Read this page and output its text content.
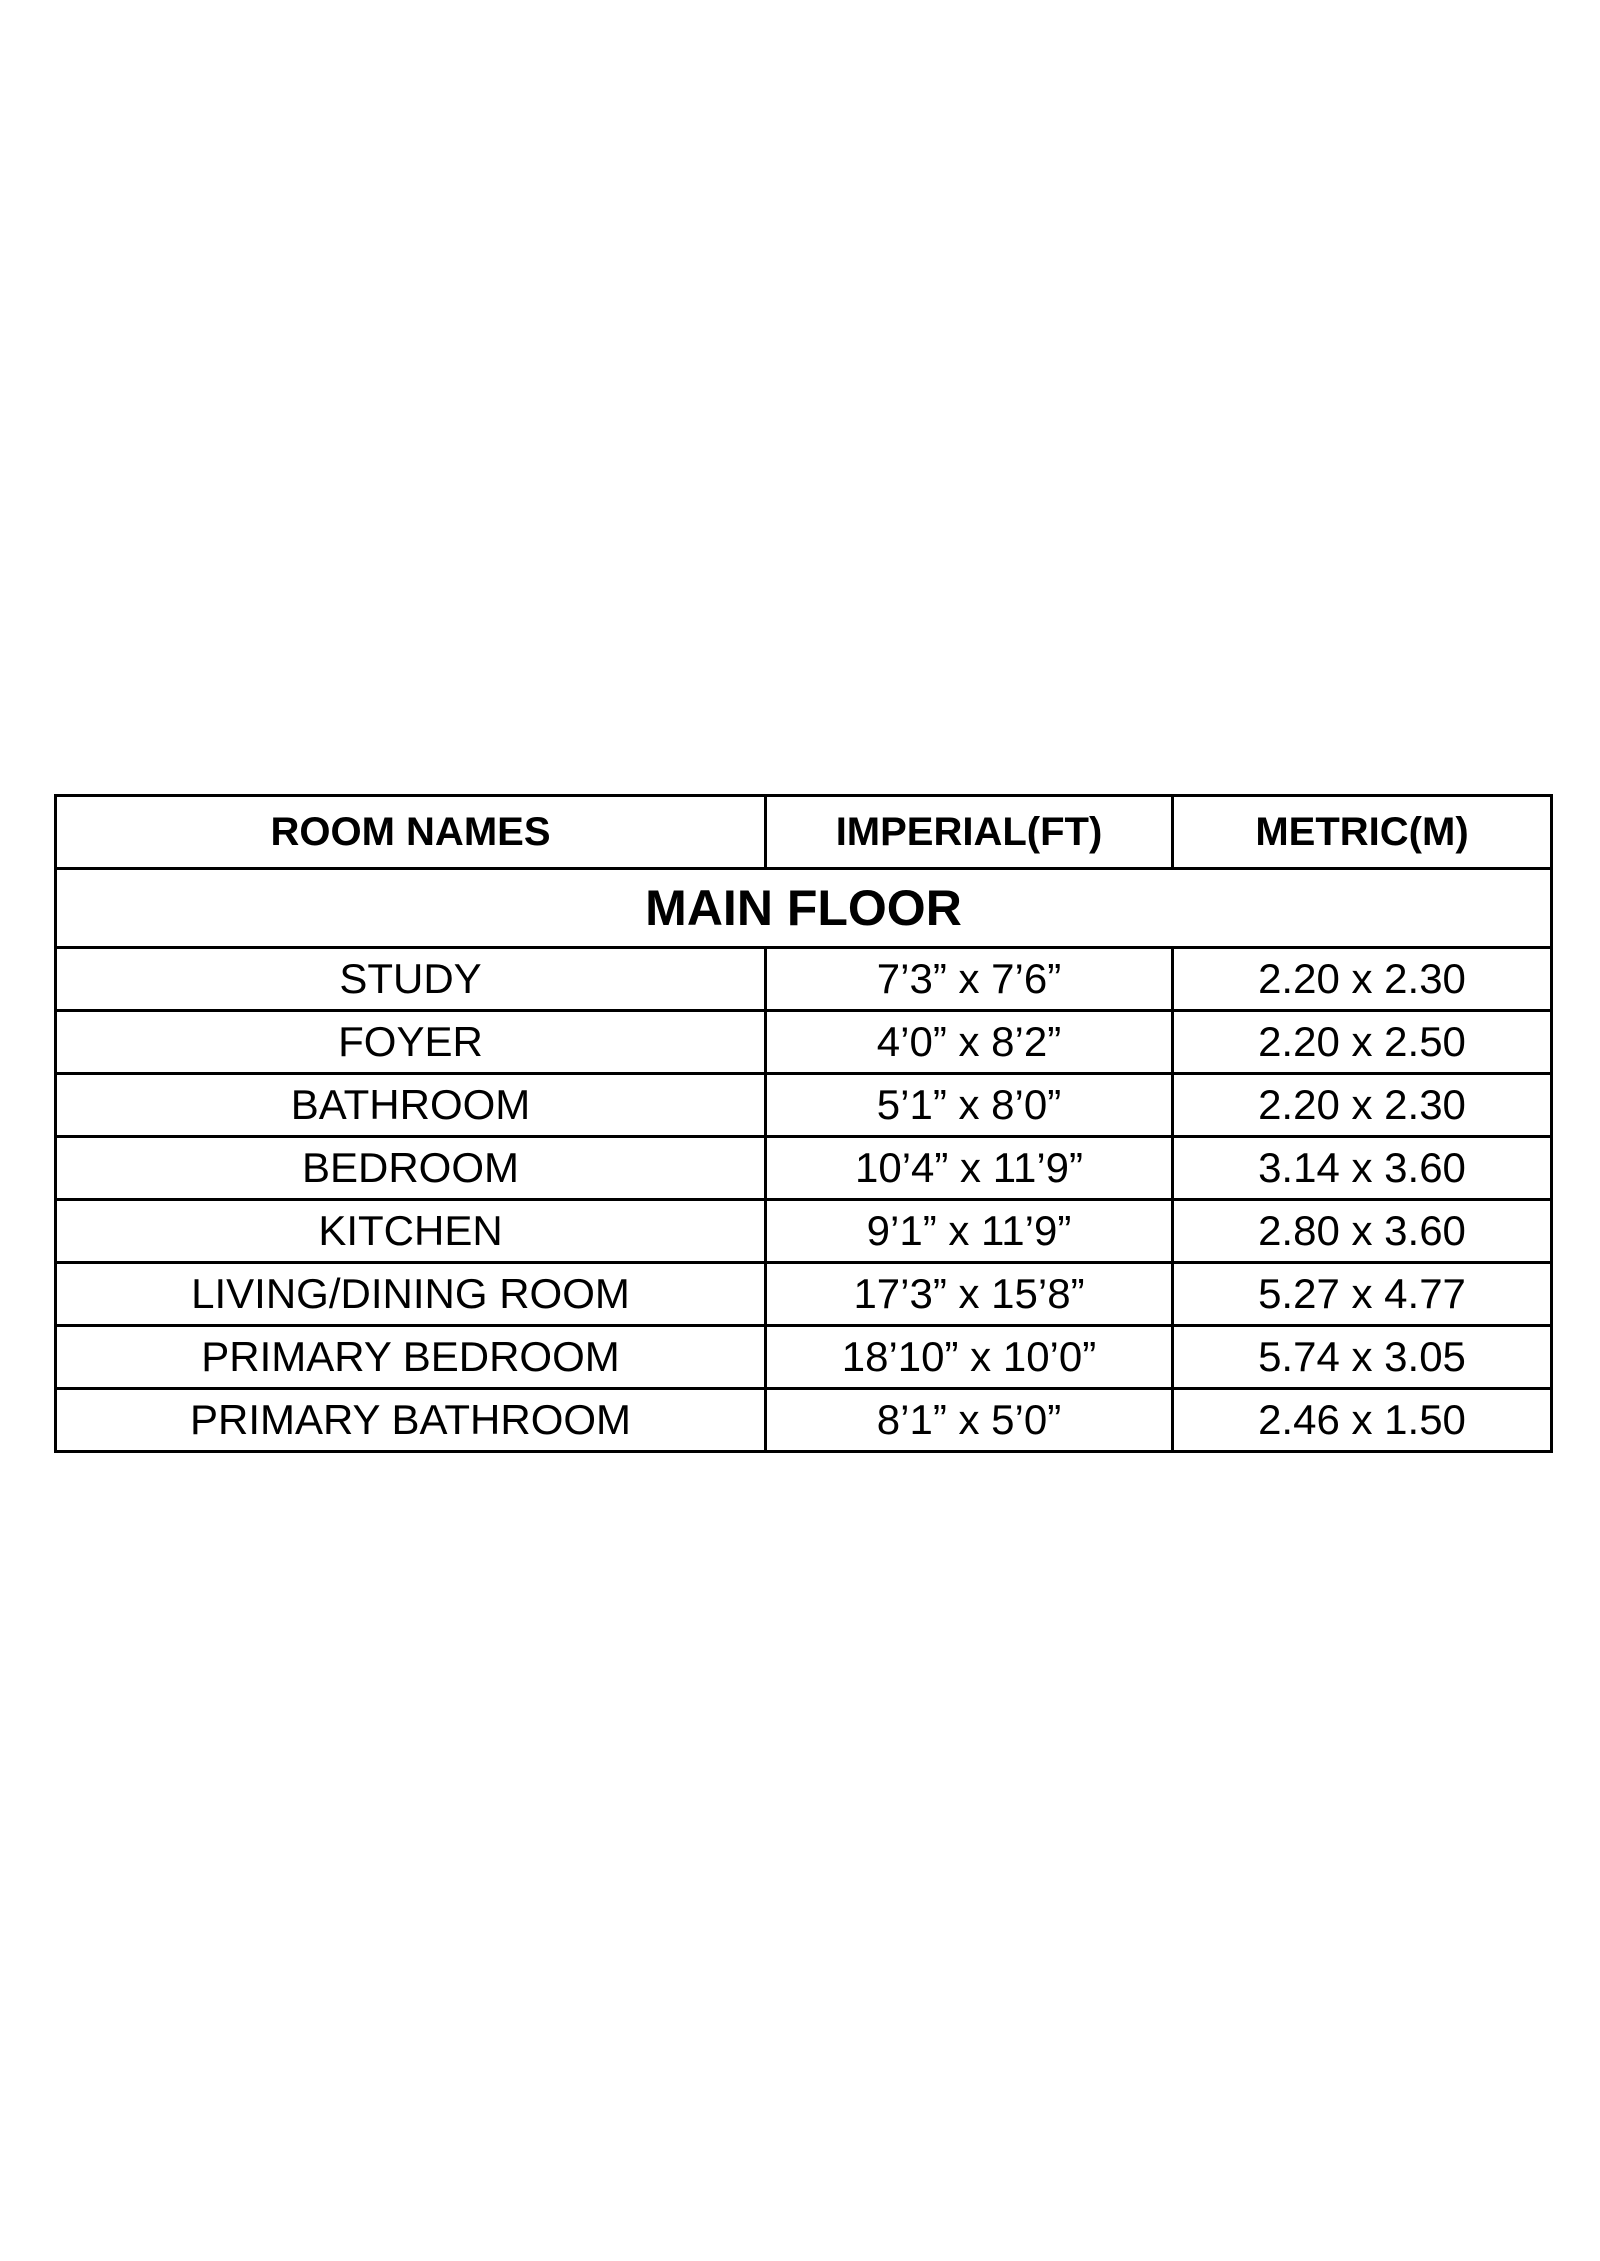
ROOM NAMES	IMPERIAL(FT)	METRIC(M)
MAIN FLOOR		
STUDY	7’3” x 7’6”	2.20 x 2.30
FOYER	4’0” x 8’2”	2.20 x 2.50
BATHROOM	5’1” x 8’0”	2.20 x 2.30
BEDROOM	10’4” x 11’9”	3.14 x 3.60
KITCHEN	9’1” x 11’9”	2.80 x 3.60
LIVING/DINING ROOM	17’3” x 15’8”	5.27 x 4.77
PRIMARY BEDROOM	18’10” x 10’0”	5.74 x 3.05
PRIMARY BATHROOM	8’1” x 5’0”	2.46 x 1.50
